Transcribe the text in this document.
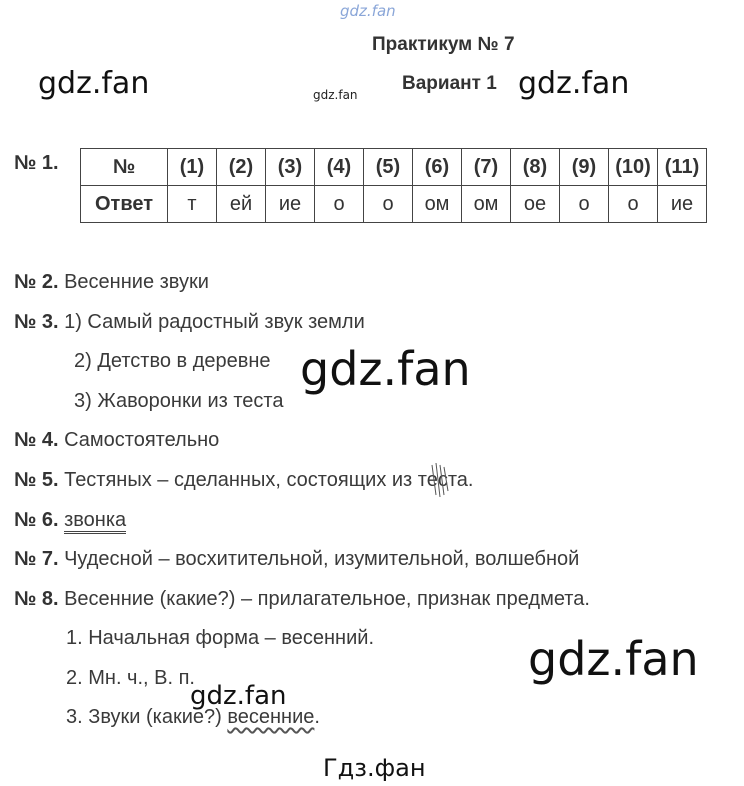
gdz.fan
gdz.fan
gdz.fan	gdz.fan
Практикум № 7
Вариант 1
№ 1.	№	(1)	(2)	(3)	(4)	(5)	(6)	(7)	(8)	(9)	(10)	(11)
Ответ	т	ей	ие	о	о	ом	ом	ое	о	о	ие
№ 2. Весенние звуки
№ 3. 1) Самый радостный звук земли
2) Детство в деревне
3) Жаворонки из теста
gdz.fan
№ 4. Самостоятельно
№ 5. Тестяных – сделанных, состоящих из теста.
№ 6. звонка
№ 7. Чудесной – восхитительной, изумительной, волшебной
№ 8. Весенние (какие?) – прилагательное, признак предмета.
1. Начальная форма – весенний.
2. Мн. ч., В. п.
3. Звуки (какие?) весенние.
gdz.fan
gdz.fan
Гдз.фан
